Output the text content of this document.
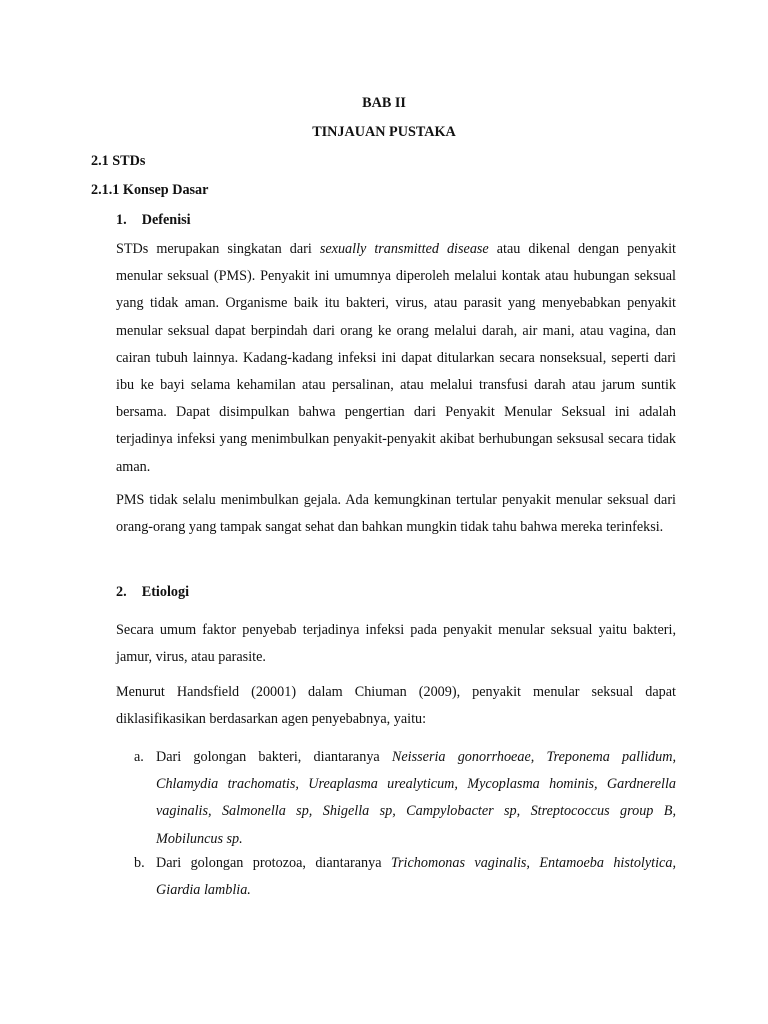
BAB II

TINJAUAN PUSTAKA

2.1 STDs

2.1.1 Konsep Dasar

1. Defenisi

STDs merupakan singkatan dari sexually transmitted disease atau dikenal dengan penyakit menular seksual (PMS). Penyakit ini umumnya diperoleh melalui kontak atau hubungan seksual yang tidak aman. Organisme baik itu bakteri, virus, atau parasit yang menyebabkan penyakit menular seksual dapat berpindah dari orang ke orang melalui darah, air mani, atau vagina, dan cairan tubuh lainnya. Kadang-kadang infeksi ini dapat ditularkan secara nonseksual, seperti dari ibu ke bayi selama kehamilan atau persalinan, atau melalui transfusi darah atau jarum suntik bersama. Dapat disimpulkan bahwa pengertian dari Penyakit Menular Seksual ini adalah terjadinya infeksi yang menimbulkan penyakit-penyakit akibat berhubungan seksusal secara tidak aman.

PMS tidak selalu menimbulkan gejala. Ada kemungkinan tertular penyakit menular seksual dari orang-orang yang tampak sangat sehat dan bahkan mungkin tidak tahu bahwa mereka terinfeksi.

2. Etiologi

Secara umum faktor penyebab terjadinya infeksi pada penyakit menular seksual yaitu bakteri, jamur, virus, atau parasite.

Menurut Handsfield (20001) dalam Chiuman (2009), penyakit menular seksual dapat diklasifikasikan berdasarkan agen penyebabnya, yaitu:

a. Dari golongan bakteri, diantaranya Neisseria gonorrhoeae, Treponema pallidum, Chlamydia trachomatis, Ureaplasma urealyticum, Mycoplasma hominis, Gardnerella vaginalis, Salmonella sp, Shigella sp, Campylobacter sp, Streptococcus group B, Mobiluncus sp.

b. Dari golongan protozoa, diantaranya Trichomonas vaginalis, Entamoeba histolytica, Giardia lamblia.
